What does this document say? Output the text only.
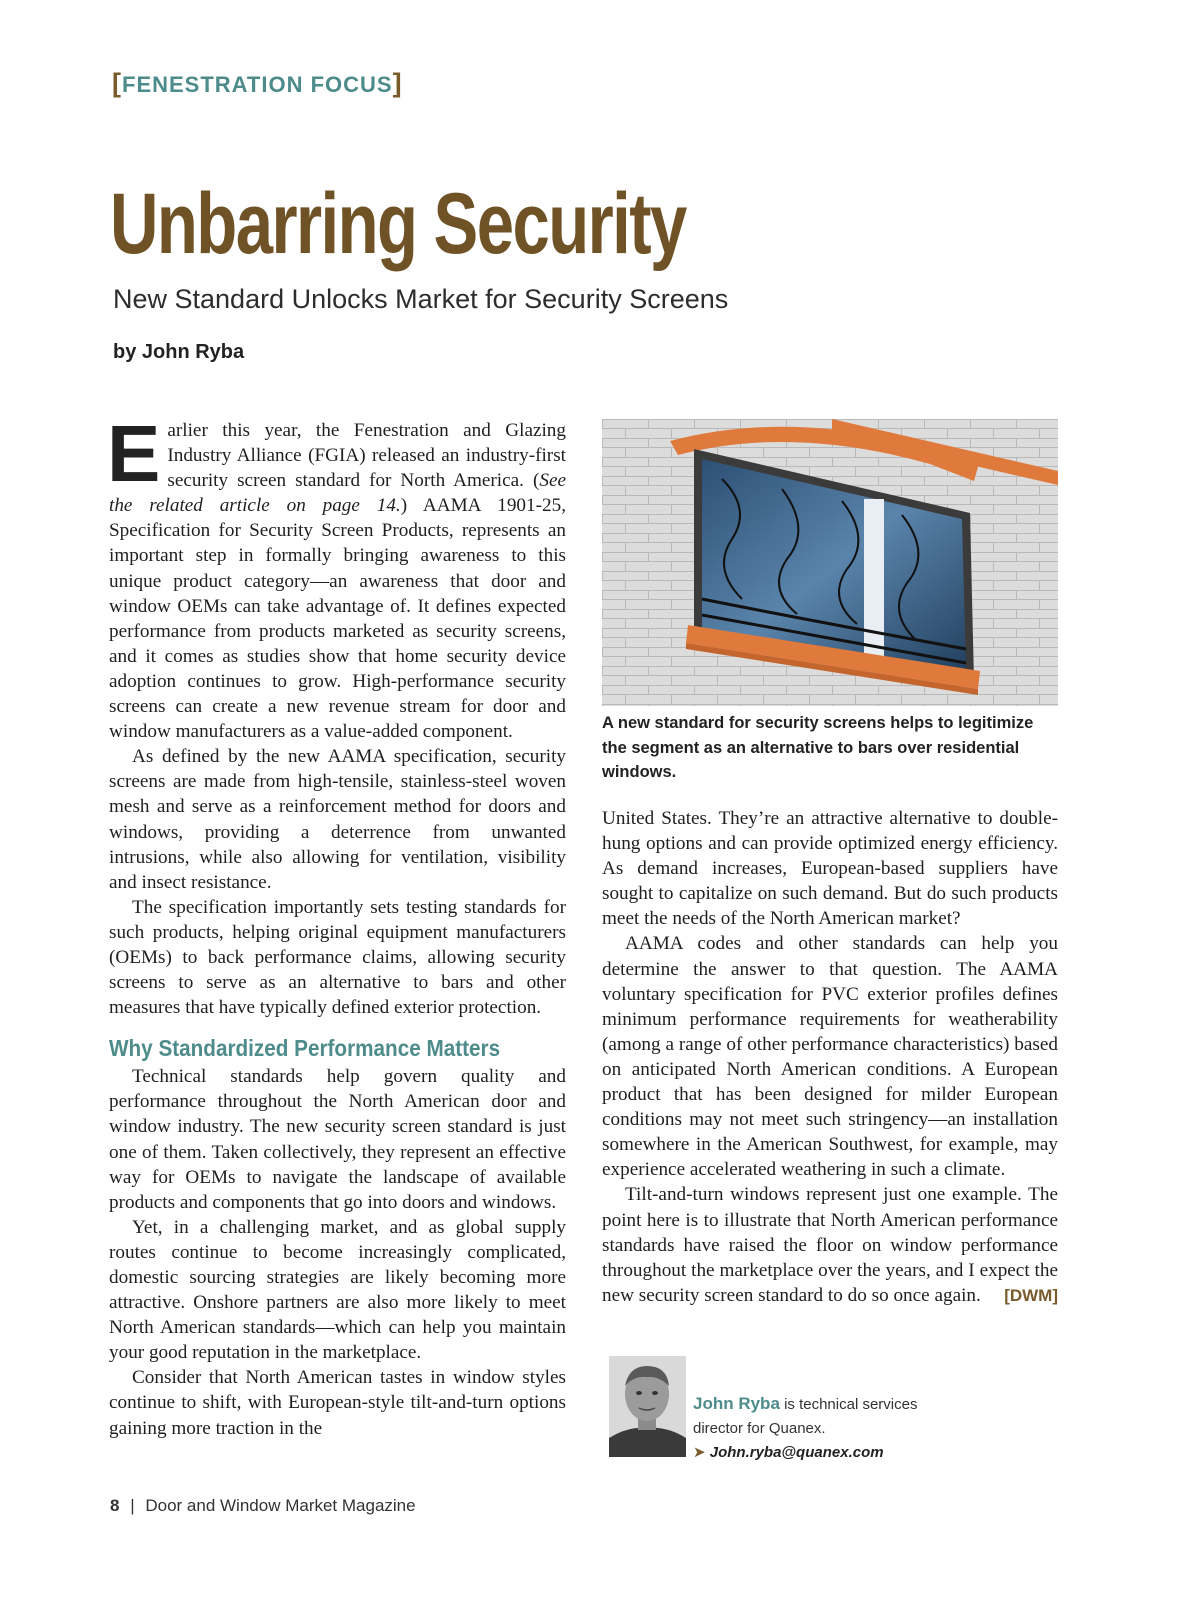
[FENESTRATION FOCUS]
Unbarring Security
New Standard Unlocks Market for Security Screens
by John Ryba

Earlier this year, the Fenestration and Glazing Industry Alliance (FGIA) released an industry-first security screen standard for North America. (See the related article on page 14.) AAMA 1901-25, Specification for Security Screen Products, represents an important step in formally bringing awareness to this unique product category—an awareness that door and window OEMs can take advantage of. It defines expected performance from products marketed as security screens, and it comes as studies show that home security device adoption continues to grow. High-performance security screens can create a new revenue stream for door and window manufacturers as a value-added component.

As defined by the new AAMA specification, security screens are made from high-tensile, stainless-steel woven mesh and serve as a reinforcement method for doors and windows, providing a deterrence from unwanted intrusions, while also allowing for ventilation, visibility and insect resistance.

The specification importantly sets testing standards for such products, helping original equipment manufacturers (OEMs) to back performance claims, allowing security screens to serve as an alternative to bars and other measures that have typically defined exterior protection.

Why Standardized Performance Matters

Technical standards help govern quality and performance throughout the North American door and window industry. The new security screen standard is just one of them. Taken collectively, they represent an effective way for OEMs to navigate the landscape of available products and components that go into doors and windows.

Yet, in a challenging market, and as global supply routes continue to become increasingly complicated, domestic sourcing strategies are likely becoming more attractive. Onshore partners are also more likely to meet North American standards—which can help you maintain your good reputation in the marketplace.

Consider that North American tastes in window styles continue to shift, with European-style tilt-and-turn options gaining more traction in the

A new standard for security screens helps to legitimize the segment as an alternative to bars over residential windows.

United States. They’re an attractive alternative to double-hung options and can provide optimized energy efficiency. As demand increases, European-based suppliers have sought to capitalize on such demand. But do such products meet the needs of the North American market?

AAMA codes and other standards can help you determine the answer to that question. The AAMA voluntary specification for PVC exterior profiles defines minimum performance requirements for weatherability (among a range of other performance characteristics) based on anticipated North American conditions. A European product that has been designed for milder European conditions may not meet such stringency—an installation somewhere in the American Southwest, for example, may experience accelerated weathering in such a climate.

Tilt-and-turn windows represent just one example. The point here is to illustrate that North American performance standards have raised the floor on window performance throughout the marketplace over the years, and I expect the new security screen standard to do so once again.	[DWM]

John Ryba is technical services
director for Quanex.
➤ John.ryba@quanex.com
8 | Door and Window Market Magazine
